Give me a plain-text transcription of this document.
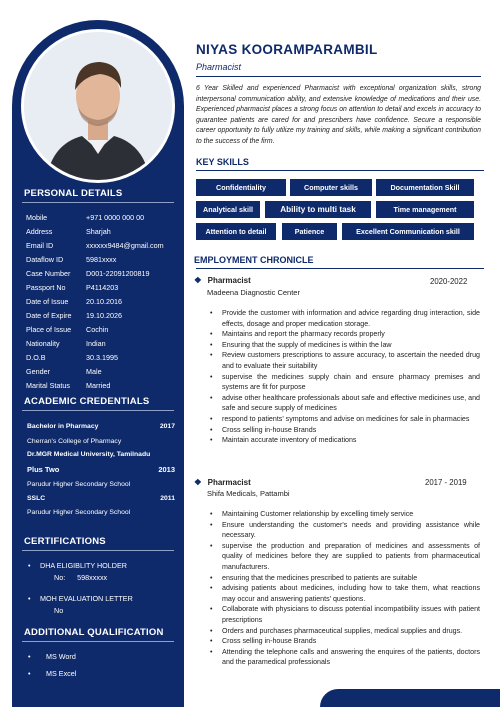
PERSONAL DETAILS
Mobile	+971 0000 000 00
Address	Sharjah
Email ID	xxxxxx9484@gmail.com
Dataflow ID	5981xxxx
Case Number	D001-22091200819
Passport No	P4114203
Date of Issue	20.10.2016
Date of Expire	19.10.2026
Place of Issue	Cochin
Nationality	Indian
D.O.B	30.3.1995
Gender	Male
Marital Status	Married
ACADEMIC CREDENTIALS
Bachelor in Pharmacy	2017
Cherran's College of Pharmacy
Dr.MGR Medical University, Tamilnadu
Plus Two	2013
Parudur Higher Secondary School
SSLC	2011
Parudur Higher Secondary School
CERTIFICATIONS
•	DHA ELIGIBLITY HOLDER
No: 598xxxxx
•	MOH EVALUATION LETTER
No
ADDITIONAL QUALIFICATION
•	MS Word
•	MS Excel
NIYAS KOORAMPARAMBIL
Pharmacist
6 Year Skilled and experienced Pharmacist with exceptional organization skills, strong interpersonal communication ability, and extensive knowledge of medications and their use. Experienced pharmacist places a strong focus on attention to detail and excels in accuracy to guarantee patients are cared for and prescribers have confidence. Secure a responsible career opportunity to fully utilize my training and skills, while making a significant contribution to the success of the firm.
KEY SKILLS
Confidentiality	Computer skills	Documentation Skill
Analytical skill	Ability to multi task	Time management
Attention to detail	Patience	Excellent Communication skill
EMPLOYMENT CHRONICLE
❖ Pharmacist	2020-2022
Madeena Diagnostic Center
• Provide the customer with information and advice regarding drug interaction, side effects, dosage and proper medication storage.
• Maintains and report the pharmacy records properly
• Ensuring that the supply of medicines is within the law
• Review customers prescriptions to assure accuracy, to ascertain the needed drug and to evaluate their suitability
• supervise the medicines supply chain and ensure pharmacy premises and systems are fit for purpose
• advise other healthcare professionals about safe and effective medicines use, and safe and secure supply of medicines
• respond to patients' symptoms and advise on medicines for sale in pharmacies
• Cross selling in-house Brands
• Maintain accurate inventory of medications
❖ Pharmacist	2017 - 2019
Shifa Medicals, Pattambi
• Maintaining Customer relationship by excelling timely service
• Ensure understanding the customer's needs and providing assistance while necessary.
• supervise the production and preparation of medicines and assessments of quality of medicines before they are supplied to patients from pharmaceutical manufacturers.
• ensuring that the medicines prescribed to patients are suitable
• advising patients about medicines, including how to take them, what reactions may occur and answering patients' questions.
• Collaborate with physicians to discuss potential incompatibility issues with patient prescriptions
• Orders and purchases pharmaceutical supplies, medical supplies and drugs.
• Cross selling in-house Brands
• Attending the telephone calls and answering the enquires of the patients, doctors and the paramedical professionals
